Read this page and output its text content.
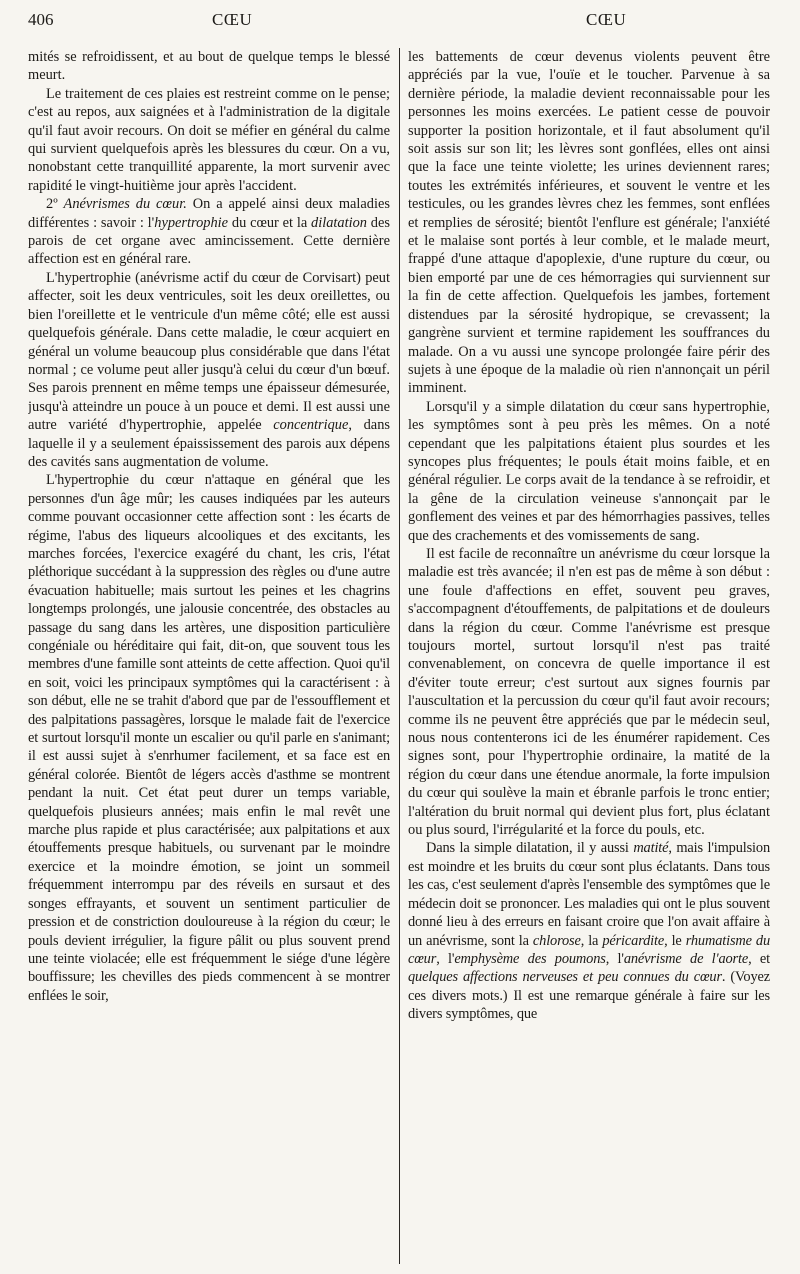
406	CŒU	CŒU

mités se refroidissent, et au bout de quelque temps le blessé meurt.

Le traitement de ces plaies est restreint comme on le pense; c'est au repos, aux saignées et à l'administration de la digitale qu'il faut avoir recours. On doit se méfier en général du calme qui survient quelquefois après les blessures du cœur. On a vu, nonobstant cette tranquillité apparente, la mort survenir avec rapidité le vingt-huitième jour après l'accident.

2º Anévrismes du cœur. On a appelé ainsi deux maladies différentes : savoir : l'hypertrophie du cœur et la dilatation des parois de cet organe avec amincissement. Cette dernière affection est en général rare.

L'hypertrophie (anévrisme actif du cœur de Corvisart) peut affecter, soit les deux ventricules, soit les deux oreillettes, ou bien l'oreillette et le ventricule d'un même côté; elle est aussi quelquefois générale. Dans cette maladie, le cœur acquiert en général un volume beaucoup plus considérable que dans l'état normal ; ce volume peut aller jusqu'à celui du cœur d'un bœuf. Ses parois prennent en même temps une épaisseur démesurée, jusqu'à atteindre un pouce à un pouce et demi. Il est aussi une autre variété d'hypertrophie, appelée concentrique, dans laquelle il y a seulement épaississement des parois aux dépens des cavités sans augmentation de volume.

L'hypertrophie du cœur n'attaque en général que les personnes d'un âge mûr; les causes indiquées par les auteurs comme pouvant occasionner cette affection sont : les écarts de régime, l'abus des liqueurs alcooliques et des excitants, les marches forcées, l'exercice exagéré du chant, les cris, l'état pléthorique succédant à la suppression des règles ou d'une autre évacuation habituelle; mais surtout les peines et les chagrins longtemps prolongés, une jalousie concentrée, des obstacles au passage du sang dans les artères, une disposition particulière congéniale ou héréditaire qui fait, dit-on, que souvent tous les membres d'une famille sont atteints de cette affection. Quoi qu'il en soit, voici les principaux symptômes qui la caractérisent : à son début, elle ne se trahit d'abord que par de l'essoufflement et des palpitations passagères, lorsque le malade fait de l'exercice et surtout lorsqu'il monte un escalier ou qu'il parle en s'animant; il est aussi sujet à s'enrhumer facilement, et sa face est en général colorée. Bientôt de légers accès d'asthme se montrent pendant la nuit. Cet état peut durer un temps variable, quelquefois plusieurs années; mais enfin le mal revêt une marche plus rapide et plus caractérisée; aux palpitations et aux étouffements presque habituels, ou survenant par le moindre exercice et la moindre émotion, se joint un sommeil fréquemment interrompu par des réveils en sursaut et des songes effrayants, et souvent un sentiment particulier de pression et de constriction douloureuse à la région du cœur; le pouls devient irrégulier, la figure pâlit ou plus souvent prend une teinte violacée; elle est fréquemment le siége d'une légère bouffissure; les chevilles des pieds commencent à se montrer enflées le soir,

les battements de cœur devenus violents peuvent être appréciés par la vue, l'ouïe et le toucher. Parvenue à sa dernière période, la maladie devient reconnaissable pour les personnes les moins exercées. Le patient cesse de pouvoir supporter la position horizontale, et il faut absolument qu'il soit assis sur son lit; les lèvres sont gonflées, elles ont ainsi que la face une teinte violette; les urines deviennent rares; toutes les extrémités inférieures, et souvent le ventre et les testicules, ou les grandes lèvres chez les femmes, sont enflées et remplies de sérosité; bientôt l'enflure est générale; l'anxiété et le malaise sont portés à leur comble, et le malade meurt, frappé d'une attaque d'apoplexie, d'une rupture du cœur, ou bien emporté par une de ces hémorragies qui surviennent sur la fin de cette affection. Quelquefois les jambes, fortement distendues par la sérosité hydropique, se crevassent; la gangrène survient et termine rapidement les souffrances du malade. On a vu aussi une syncope prolongée faire périr des sujets à une époque de la maladie où rien n'annonçait un péril imminent.

Lorsqu'il y a simple dilatation du cœur sans hypertrophie, les symptômes sont à peu près les mêmes. On a noté cependant que les palpitations étaient plus sourdes et les syncopes plus fréquentes; le pouls était moins faible, et en général régulier. Le corps avait de la tendance à se refroidir, et la gêne de la circulation veineuse s'annonçait par le gonflement des veines et par des hémorrhagies passives, telles que des crachements et des vomissements de sang.

Il est facile de reconnaître un anévrisme du cœur lorsque la maladie est très avancée; il n'en est pas de même à son début : une foule d'affections en effet, souvent peu graves, s'accompagnent d'étouffements, de palpitations et de douleurs dans la région du cœur. Comme l'anévrisme est presque toujours mortel, surtout lorsqu'il n'est pas traité convenablement, on concevra de quelle importance il est d'éviter toute erreur; c'est surtout aux signes fournis par l'auscultation et la percussion du cœur qu'il faut avoir recours; comme ils ne peuvent être appréciés que par le médecin seul, nous nous contenterons ici de les énumérer rapidement. Ces signes sont, pour l'hypertrophie ordinaire, la matité de la région du cœur dans une étendue anormale, la forte impulsion du cœur qui soulève la main et ébranle parfois le tronc entier; l'altération du bruit normal qui devient plus fort, plus éclatant ou plus sourd, l'irrégularité et la force du pouls, etc.

Dans la simple dilatation, il y aussi matité, mais l'impulsion est moindre et les bruits du cœur sont plus éclatants. Dans tous les cas, c'est seulement d'après l'ensemble des symptômes que le médecin doit se prononcer. Les maladies qui ont le plus souvent donné lieu à des erreurs en faisant croire que l'on avait affaire à un anévrisme, sont la chlorose, la péricardite, le rhumatisme du cœur, l'emphysème des poumons, l'anévrisme de l'aorte, et quelques affections nerveuses et peu connues du cœur. (Voyez ces divers mots.) Il est une remarque générale à faire sur les divers symptômes, que
